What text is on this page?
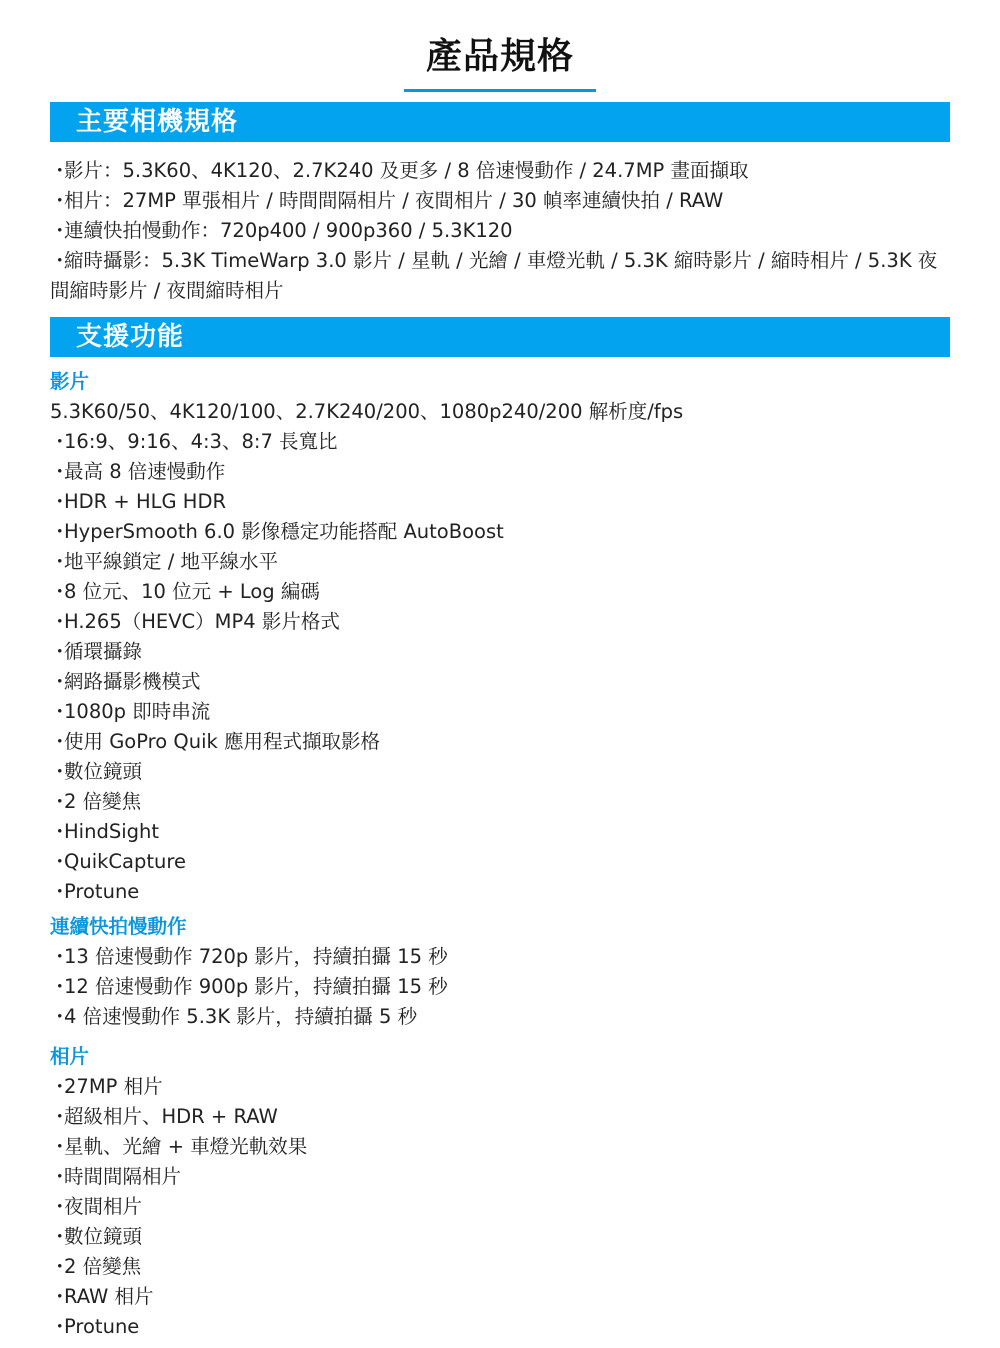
產品規格
主要相機規格
・影片：5.3K60、4K120、2.7K240 及更多 / 8 倍速慢動作 / 24.7MP 畫面擷取
・相片：27MP 單張相片 / 時間間隔相片 / 夜間相片 / 30 幀率連續快拍 / RAW
・連續快拍慢動作：720p400 / 900p360 / 5.3K120
・縮時攝影：5.3K TimeWarp 3.0 影片 / 星軌 / 光繪 / 車燈光軌 / 5.3K 縮時影片 / 縮時相片 / 5.3K 夜間縮時影片 / 夜間縮時相片
支援功能
影片
5.3K60/50、4K120/100、2.7K240/200、1080p240/200 解析度/fps
・16:9、9:16、4:3、8:7 長寬比
・最高 8 倍速慢動作
・HDR + HLG HDR
・HyperSmooth 6.0 影像穩定功能搭配 AutoBoost
・地平線鎖定 / 地平線水平
・8 位元、10 位元 + Log 編碼
・H.265（HEVC）MP4 影片格式
・循環攝錄
・網路攝影機模式
・1080p 即時串流
・使用 GoPro Quik 應用程式擷取影格
・數位鏡頭
・2 倍變焦
・HindSight
・QuikCapture
・Protune
連續快拍慢動作
・13 倍速慢動作 720p 影片，持續拍攝 15 秒
・12 倍速慢動作 900p 影片，持續拍攝 15 秒
・4 倍速慢動作 5.3K 影片，持續拍攝 5 秒
相片
・27MP 相片
・超級相片、HDR + RAW
・星軌、光繪 + 車燈光軌效果
・時間間隔相片
・夜間相片
・數位鏡頭
・2 倍變焦
・RAW 相片
・Protune
